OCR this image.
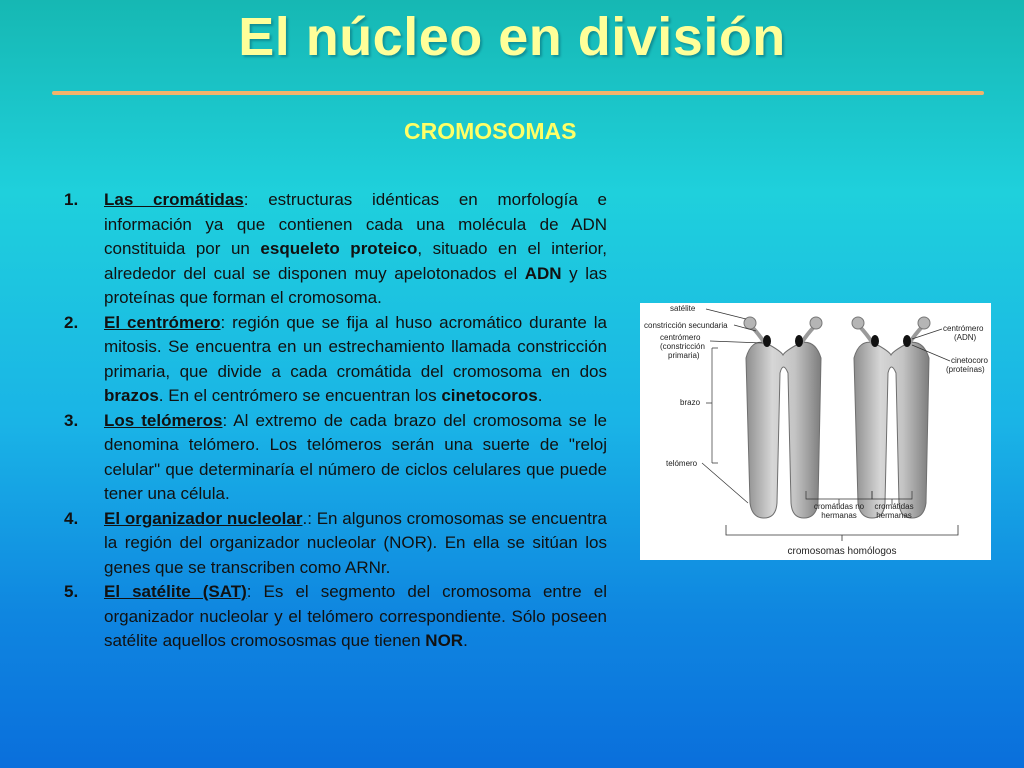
El núcleo en división
CROMOSOMAS
1. Las cromátidas: estructuras idénticas en morfología e información ya que contienen cada una molécula de ADN constituida por un esqueleto proteico, situado en el interior, alrededor del cual se disponen muy apelotonados el ADN y las proteínas que forman el cromosoma.
2. El centrómero: región que se fija al huso acromático durante la mitosis. Se encuentra en un estrechamiento llamada constricción primaria, que divide a cada cromátida del cromosoma en dos brazos. En el centrómero se encuentran los cinetocoros.
3. Los telómeros: Al extremo de cada brazo del cromosoma se le denomina telómero. Los telómeros serán una suerte de "reloj celular" que determinaría el número de ciclos celulares que puede tener una célula.
4. El organizador nucleolar.: En algunos cromosomas se encuentra la región del organizador nucleolar (NOR). En ella se sitúan los genes que se transcriben como ARNr.
5. El satélite (SAT): Es el segmento del cromosoma entre el organizador nucleolar y el telómero correspondiente. Sólo poseen satélite aquellos cromososmas que tienen NOR.
satélite
constricción secundaria
centrómero
(constricción
primaria)
brazo
telómero
centrómero
(ADN)
cinetocoro
(proteínas)
cromátidas no
hermanas
cromátidas
hermanas
cromosomas homólogos
